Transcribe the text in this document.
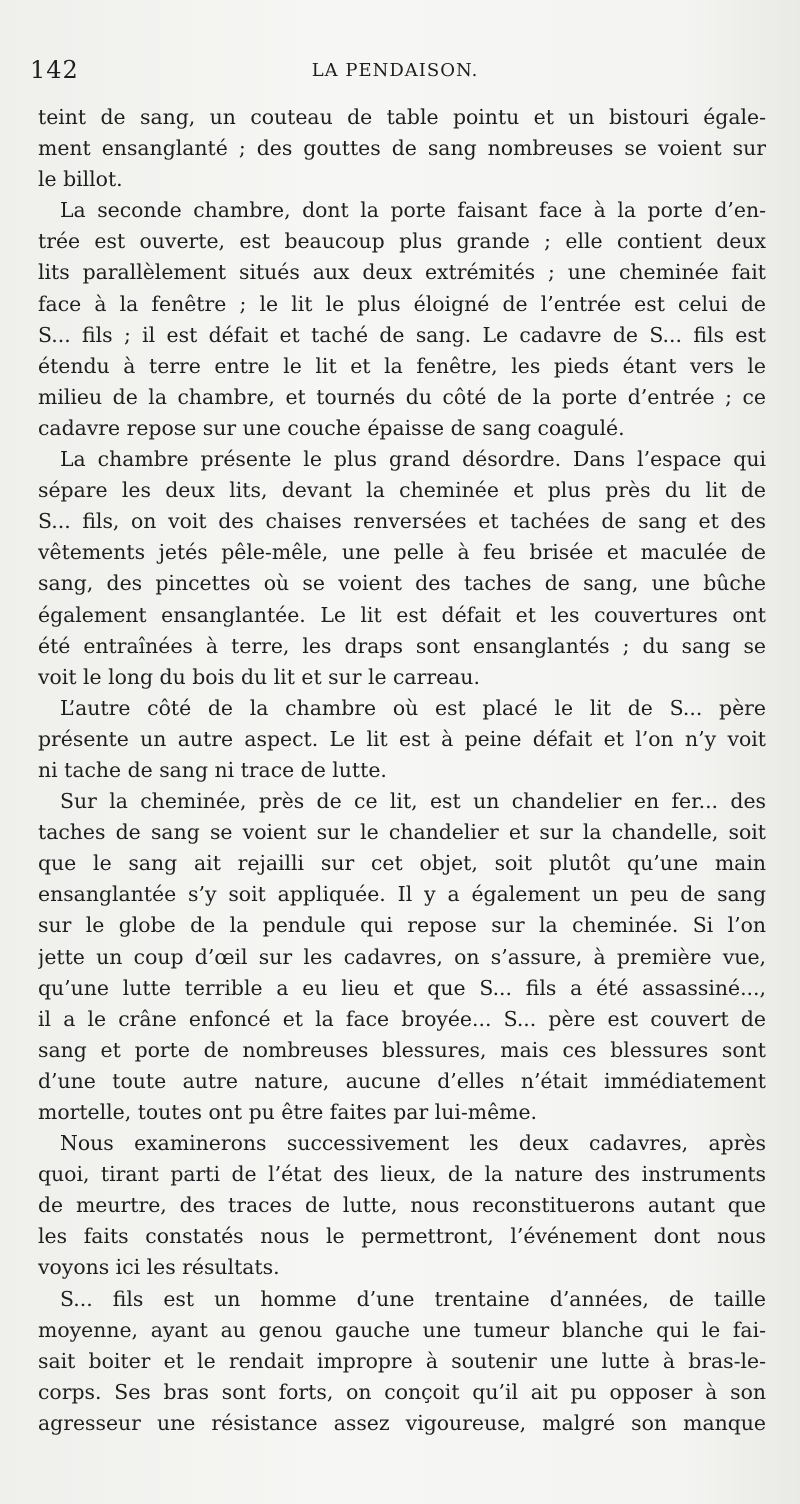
142	LA PENDAISON.

teint de sang, un couteau de table pointu et un bistouri égale-
ment ensanglanté ; des gouttes de sang nombreuses se voient sur
le billot.

La seconde chambre, dont la porte faisant face à la porte d’en-
trée est ouverte, est beaucoup plus grande ; elle contient deux
lits parallèlement situés aux deux extrémités ; une cheminée fait
face à la fenêtre ; le lit le plus éloigné de l’entrée est celui de
S... fils ; il est défait et taché de sang. Le cadavre de S... fils est
étendu à terre entre le lit et la fenêtre, les pieds étant vers le
milieu de la chambre, et tournés du côté de la porte d’entrée ; ce
cadavre repose sur une couche épaisse de sang coagulé.

La chambre présente le plus grand désordre. Dans l’espace qui
sépare les deux lits, devant la cheminée et plus près du lit de
S... fils, on voit des chaises renversées et tachées de sang et des
vêtements jetés pêle-mêle, une pelle à feu brisée et maculée de
sang, des pincettes où se voient des taches de sang, une bûche
également ensanglantée. Le lit est défait et les couvertures ont
été entraînées à terre, les draps sont ensanglantés ; du sang se
voit le long du bois du lit et sur le carreau.

L’autre côté de la chambre où est placé le lit de S... père
présente un autre aspect. Le lit est à peine défait et l’on n’y voit
ni tache de sang ni trace de lutte.

Sur la cheminée, près de ce lit, est un chandelier en fer... des
taches de sang se voient sur le chandelier et sur la chandelle, soit
que le sang ait rejailli sur cet objet, soit plutôt qu’une main
ensanglantée s’y soit appliquée. Il y a également un peu de sang
sur le globe de la pendule qui repose sur la cheminée. Si l’on
jette un coup d’œil sur les cadavres, on s’assure, à première vue,
qu’une lutte terrible a eu lieu et que S... fils a été assassiné...,
il a le crâne enfoncé et la face broyée... S... père est couvert de
sang et porte de nombreuses blessures, mais ces blessures sont
d’une toute autre nature, aucune d’elles n’était immédiatement
mortelle, toutes ont pu être faites par lui-même.

Nous examinerons successivement les deux cadavres, après
quoi, tirant parti de l’état des lieux, de la nature des instruments
de meurtre, des traces de lutte, nous reconstituerons autant que
les faits constatés nous le permettront, l’événement dont nous
voyons ici les résultats.

S... fils est un homme d’une trentaine d’années, de taille
moyenne, ayant au genou gauche une tumeur blanche qui le fai-
sait boiter et le rendait impropre à soutenir une lutte à bras-le-
corps. Ses bras sont forts, on conçoit qu’il ait pu opposer à son
agresseur une résistance assez vigoureuse, malgré son manque
